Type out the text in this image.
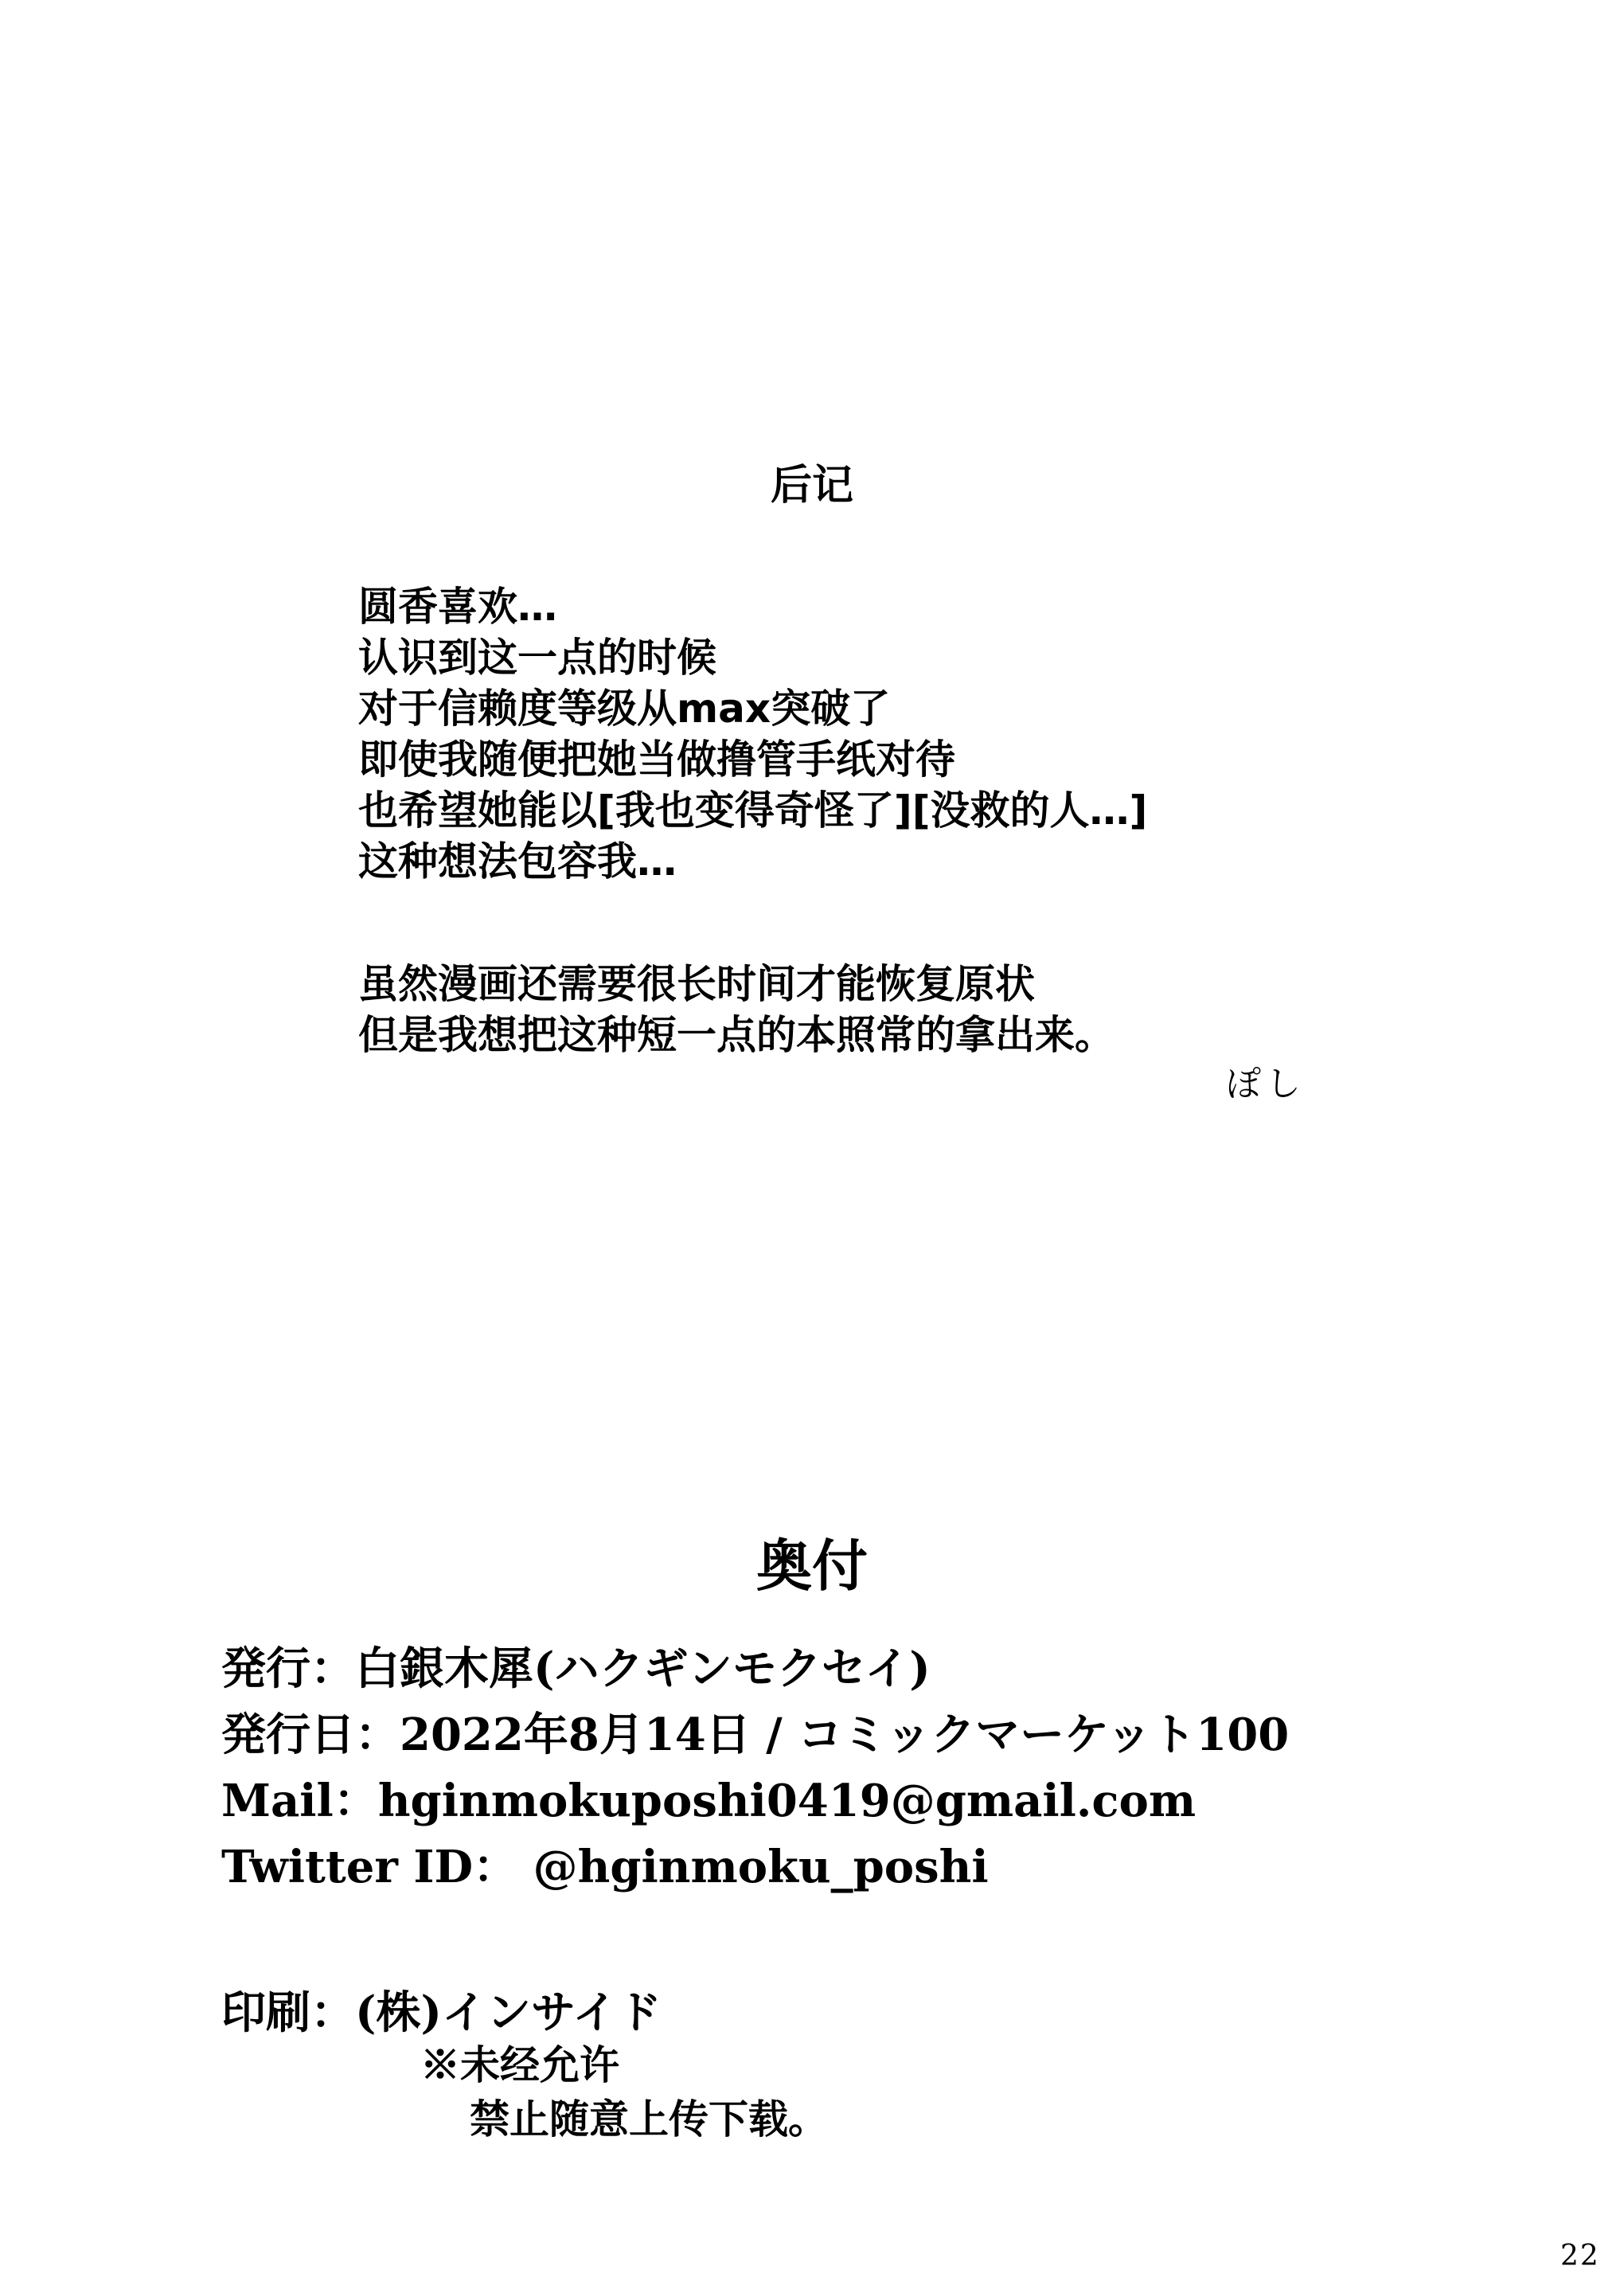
后记
圆香喜欢…
认识到这一点的时候
对于信赖度等级从max突破了
即使我随便把她当做撸管手纸对待
也希望她能以[我也变得奇怪了][没救的人…]
这种想法包容我…
虽然漫画还需要很长时间才能恢复原状
但是我想把这种短一点的本照常的拿出来。
ぽし
奥付
発行：白銀木犀(ハクギンモクセイ)
発行日：2022年8月14日 / コミックマーケット100
Mail：hginmokuposhi0419@gmail.com
Twitter ID： @hginmoku_poshi
印刷：(株)インサイド
※未经允许
禁止随意上传下载。
22
